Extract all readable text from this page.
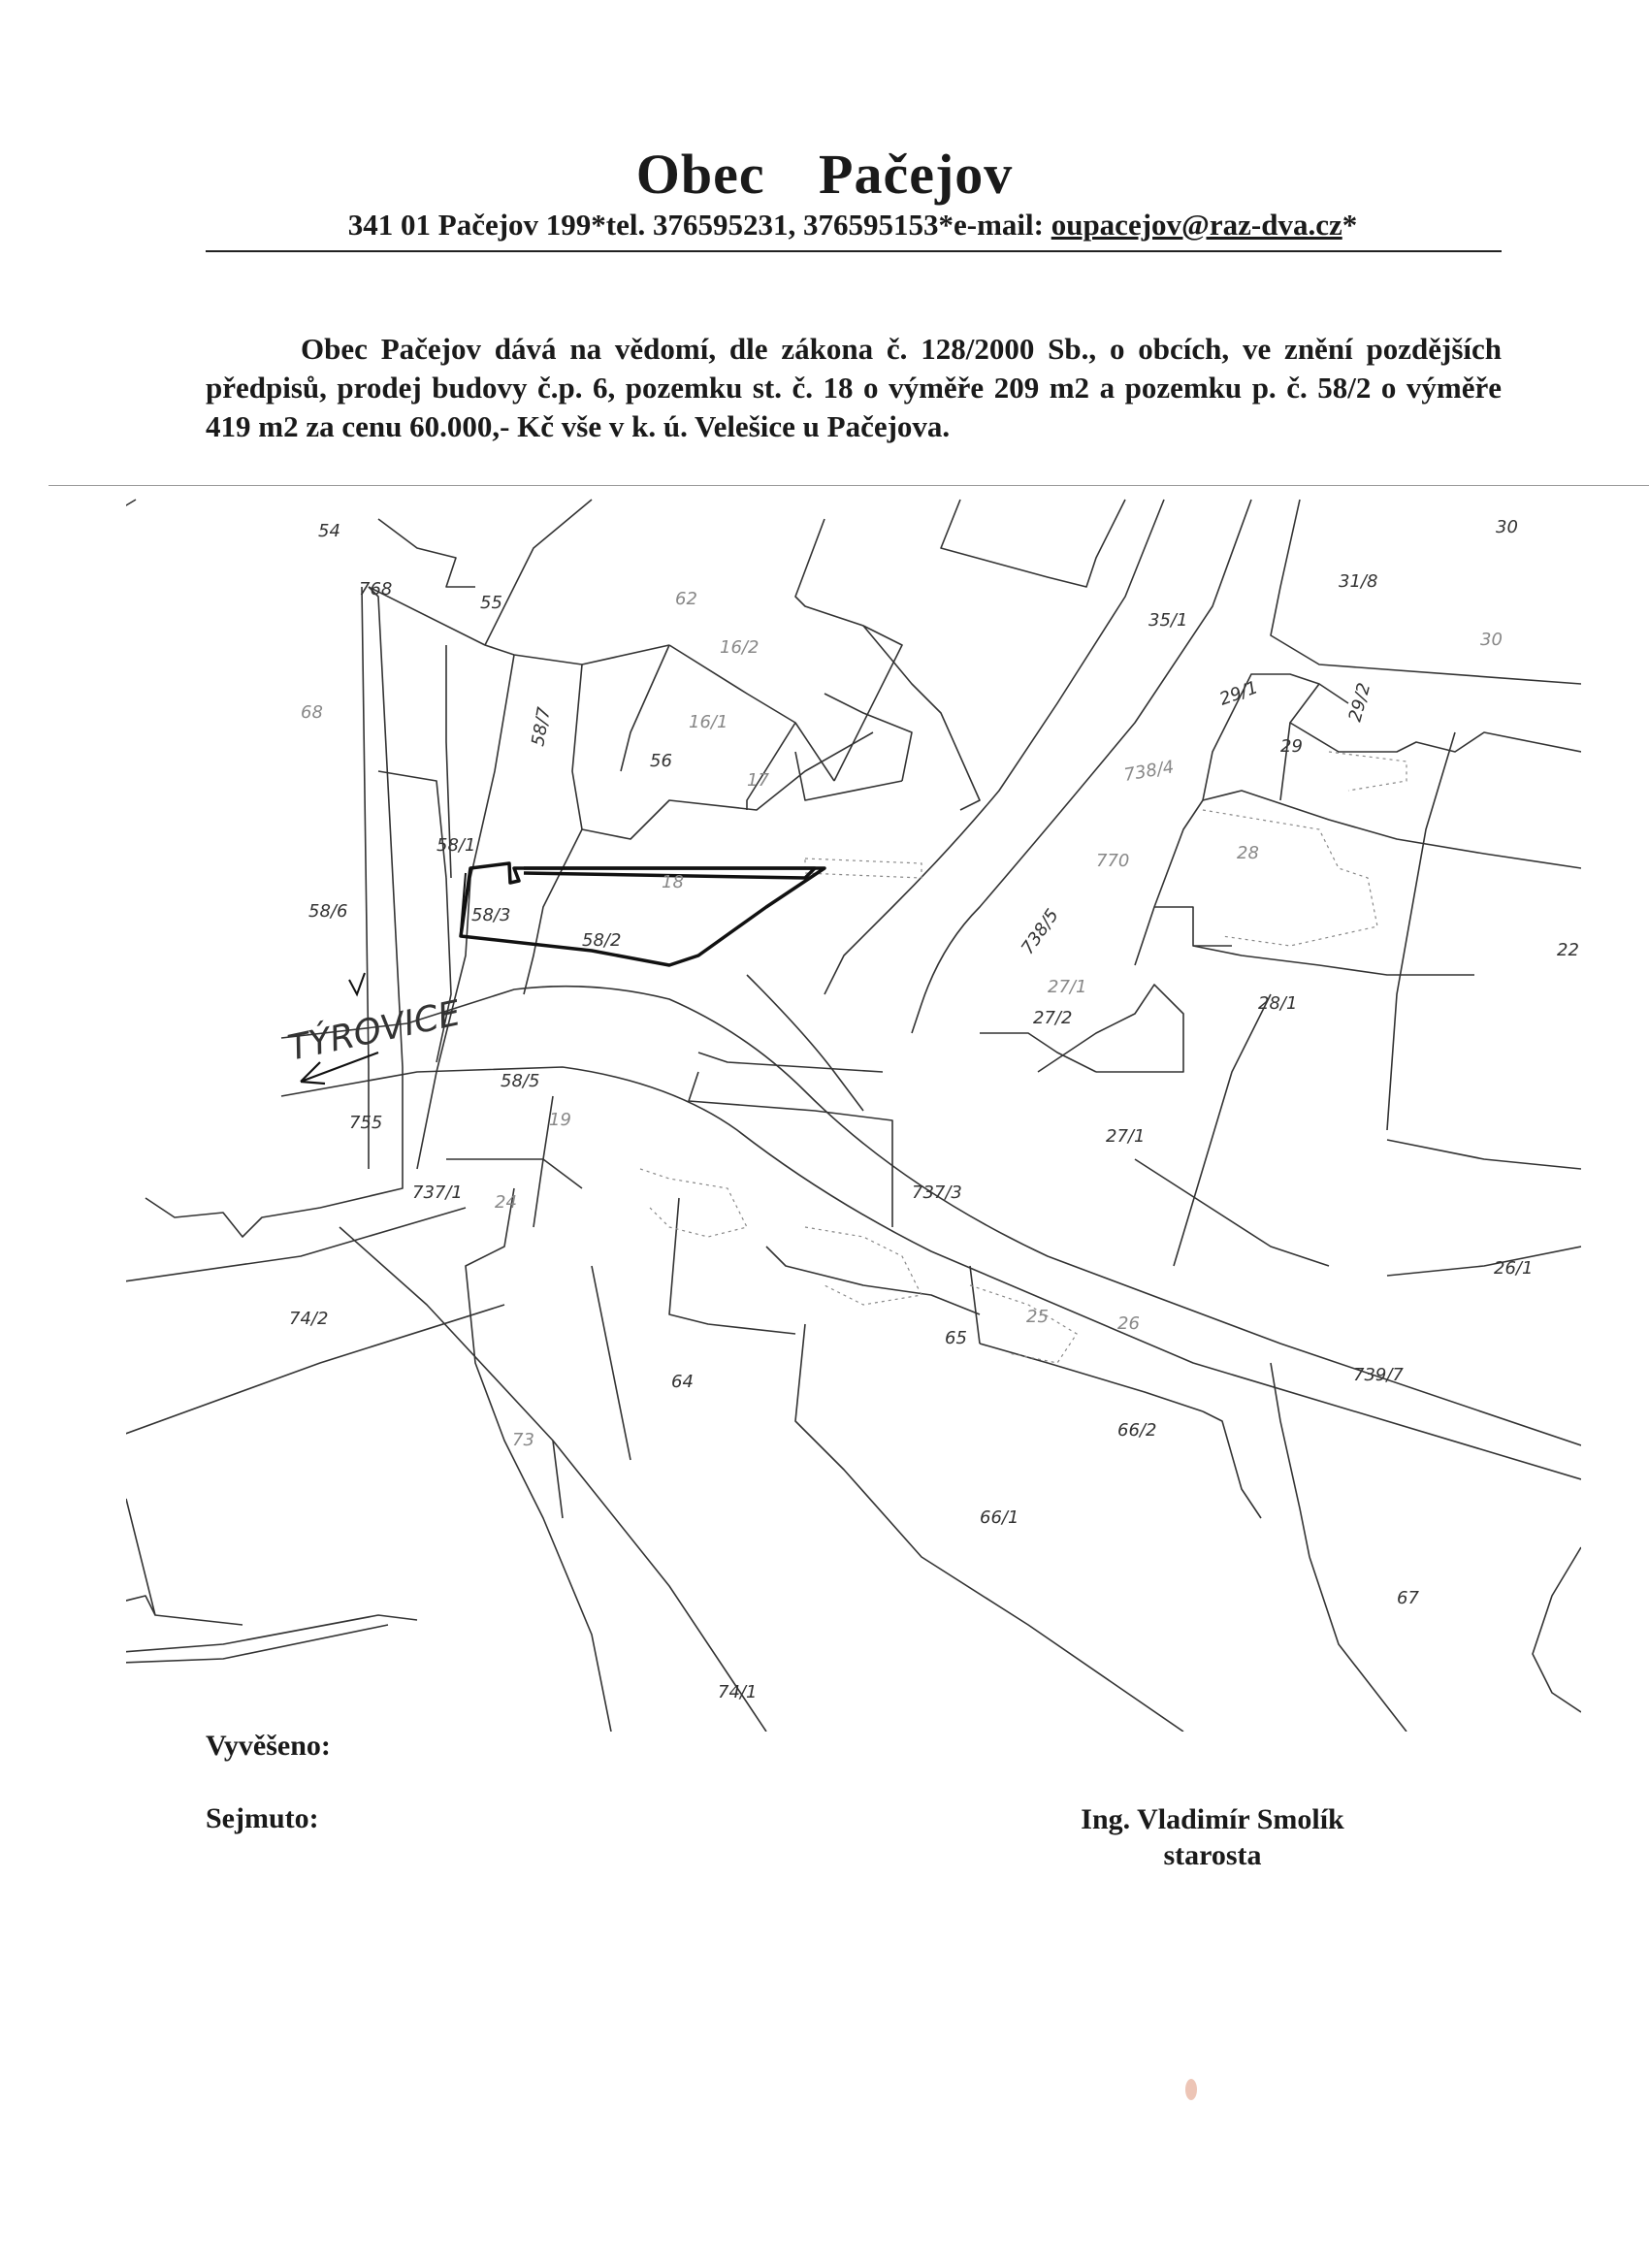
Obec Pačejov
341 01 Pačejov 199*tel. 376595231, 376595153*e-mail: oupacejov@raz-dva.cz*
Obec Pačejov dává na vědomí, dle zákona č. 128/2000 Sb., o obcích, ve znění pozdějších předpisů, prodej budovy č.p. 6, pozemku st. č. 18 o výměře 209 m2 a pozemku p. č. 58/2 o výměře 419 m2 za cenu 60.000,- Kč vše v k. ú. Velešice u Pačejova.
54	30
768
55	62
35/1
31/8
30
16/2
68	58/7	16/1
29/1	29/2
29
56
17	738/4
58/1
770	28
18
58/6	58/3
58/2	738/5	22
27/1
28/1
27/2
58/5
755	19
27/1
737/1 24	737/3
26/1
74/2	25	26
65
64	739/7
73	66/2
66/1
67
74/1
TÝROVICE
Vyvěšeno:
Sejmuto:	Ing. Vladimír Smolík
starosta
